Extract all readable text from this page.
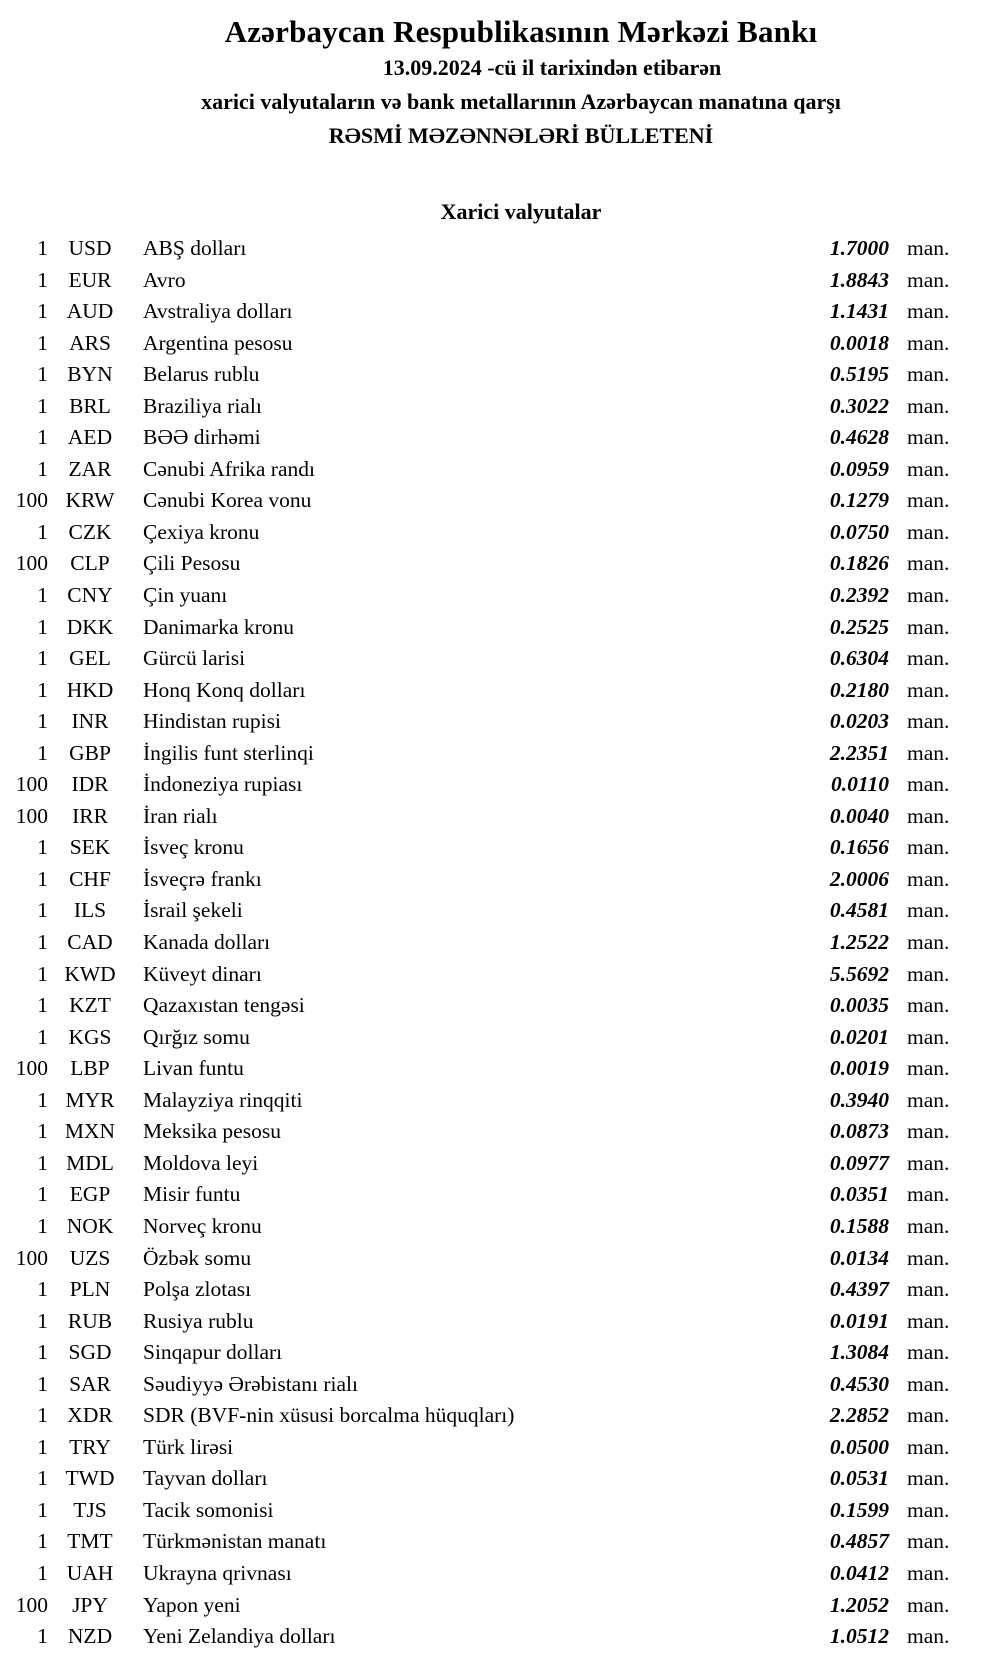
Azərbaycan Respublikasının Mərkəzi Bankı
13.09.2024 -cü il tarixindən etibarən
xarici valyutaların və bank metallarının Azərbaycan manatına qarşı
RƏSMİ MƏZƏNNƏLƏRİ BÜLLETENİ
Xarici valyutalar
1 USD	ABŞ dolları	1.7000 man.
1 EUR	Avro	1.8843 man.
1 AUD	Avstraliya dolları	1.1431 man.
1 ARS	Argentina pesosu	0.0018 man.
1 BYN	Belarus rublu	0.5195 man.
1 BRL	Braziliya rialı	0.3022 man.
1 AED	BƏƏ dirhəmi	0.4628 man.
1 ZAR	Cənubi Afrika randı	0.0959 man.
100 KRW	Cənubi Korea vonu	0.1279 man.
1 CZK	Çexiya kronu	0.0750 man.
100	CLP	Çili Pesosu	0.1826 man.
1 CNY	Çin yuanı	0.2392 man.
1 DKK	Danimarka kronu	0.2525 man.
1 GEL	Gürcü larisi	0.6304 man.
1 HKD	Honq Konq dolları	0.2180 man.
1	INR	Hindistan rupisi	0.0203 man.
1 GBP	İngilis funt sterlinqi	2.2351 man.
100	IDR	İndoneziya rupiası	0.0110 man.
100	IRR	İran rialı	0.0040 man.
1	SEK	İsveç kronu	0.1656 man.
1 CHF	İsveçrə frankı	2.0006 man.
1	ILS	İsrail şekeli	0.4581 man.
1 CAD	Kanada dolları	1.2522 man.
1 KWD	Küveyt dinarı	5.5692 man.
1 KZT	Qazaxıstan tengəsi	0.0035 man.
1 KGS	Qırğız somu	0.0201 man.
100	LBP	Livan funtu	0.0019 man.
1 MYR	Malayziya rinqqiti	0.3940 man.
1 MXN	Meksika pesosu	0.0873 man.
1 MDL	Moldova leyi	0.0977 man.
1	EGP	Misir funtu	0.0351 man.
1 NOK	Norveç kronu	0.1588 man.
100	UZS	Özbək somu	0.0134 man.
1	PLN	Polşa zlotası	0.4397 man.
1 RUB	Rusiya rublu	0.0191 man.
1 SGD	Sinqapur dolları	1.3084 man.
1 SAR	Səudiyyə Ərəbistanı rialı	0.4530 man.
1 XDR	SDR (BVF-nin xüsusi borcalma hüquqları)	2.2852 man.
1 TRY	Türk lirəsi	0.0500 man.
1 TWD	Tayvan dolları	0.0531 man.
1	TJS	Tacik somonisi	0.1599 man.
1 TMT	Türkmənistan manatı	0.4857 man.
1 UAH	Ukrayna qrivnası	0.0412 man.
100	JPY	Yapon yeni	1.2052 man.
1 NZD	Yeni Zelandiya dolları	1.0512 man.
